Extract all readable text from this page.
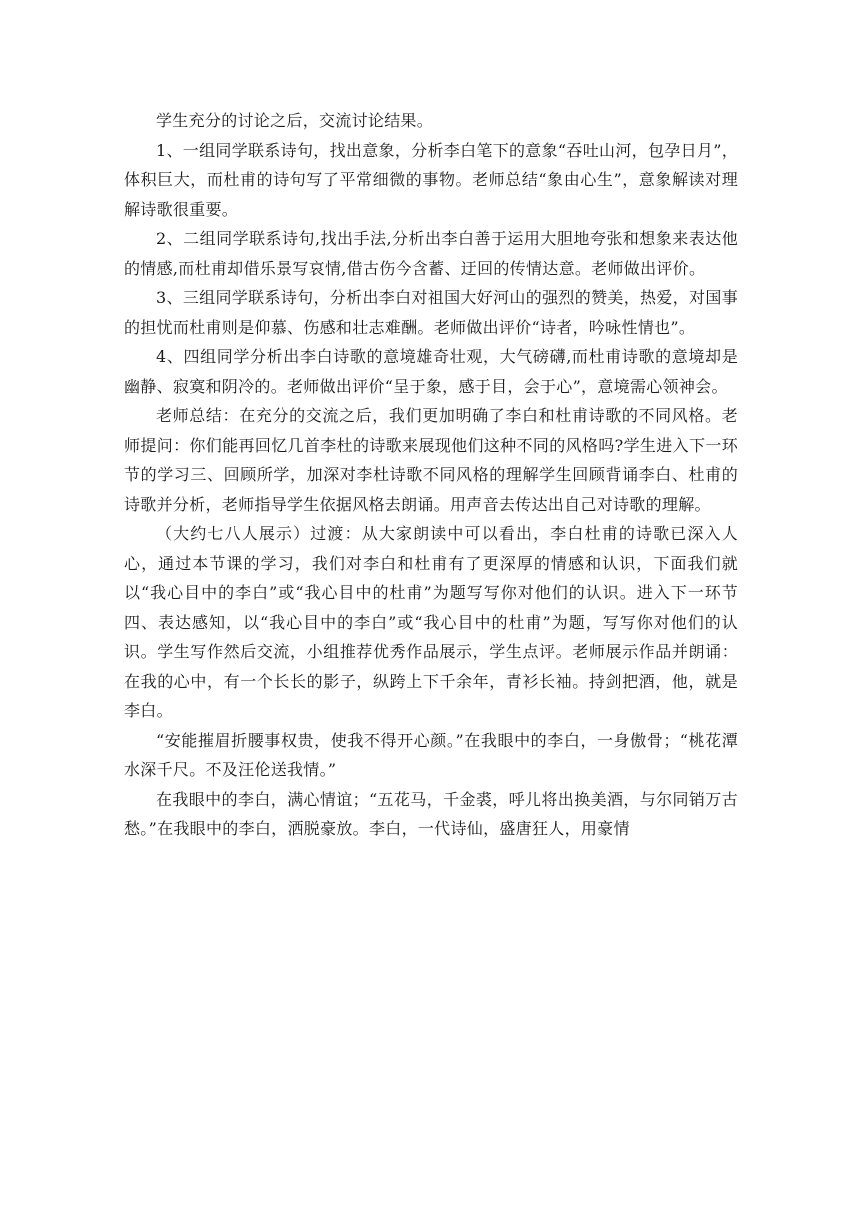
学生充分的讨论之后，交流讨论结果。

1、一组同学联系诗句，找出意象，分析李白笔下的意象“吞吐山河，包孕日月”，体积巨大，而杜甫的诗句写了平常细微的事物。老师总结“象由心生”，意象解读对理解诗歌很重要。

2、二组同学联系诗句,找出手法,分析出李白善于运用大胆地夸张和想象来表达他的情感,而杜甫却借乐景写哀情,借古伤今含蓄、迂回的传情达意。老师做出评价。

3、三组同学联系诗句，分析出李白对祖国大好河山的强烈的赞美，热爱，对国事的担忧而杜甫则是仰慕、伤感和壮志难酬。老师做出评价“诗者，吟咏性情也”。

4、四组同学分析出李白诗歌的意境雄奇壮观，大气磅礴,而杜甫诗歌的意境却是幽静、寂寞和阴冷的。老师做出评价“呈于象，感于目，会于心”，意境需心领神会。

老师总结：在充分的交流之后，我们更加明确了李白和杜甫诗歌的不同风格。老师提问：你们能再回忆几首李杜的诗歌来展现他们这种不同的风格吗?学生进入下一环节的学习三、回顾所学，加深对李杜诗歌不同风格的理解学生回顾背诵李白、杜甫的诗歌并分析，老师指导学生依据风格去朗诵。用声音去传达出自己对诗歌的理解。

（大约七八人展示）过渡：从大家朗读中可以看出，李白杜甫的诗歌已深入人心，通过本节课的学习，我们对李白和杜甫有了更深厚的情感和认识，下面我们就以“我心目中的李白”或“我心目中的杜甫”为题写写你对他们的认识。进入下一环节四、表达感知，以“我心目中的李白”或“我心目中的杜甫”为题，写写你对他们的认识。学生写作然后交流，小组推荐优秀作品展示，学生点评。老师展示作品并朗诵：在我的心中，有一个长长的影子，纵跨上下千余年，青衫长袖。持剑把酒，他，就是李白。

“安能摧眉折腰事权贵，使我不得开心颜。”在我眼中的李白，一身傲骨；“桃花潭水深千尺。不及汪伦送我情。”

在我眼中的李白，满心情谊；“五花马，千金裘，呼儿将出换美酒，与尔同销万古愁。”在我眼中的李白，洒脱豪放。李白，一代诗仙，盛唐狂人，用豪情
